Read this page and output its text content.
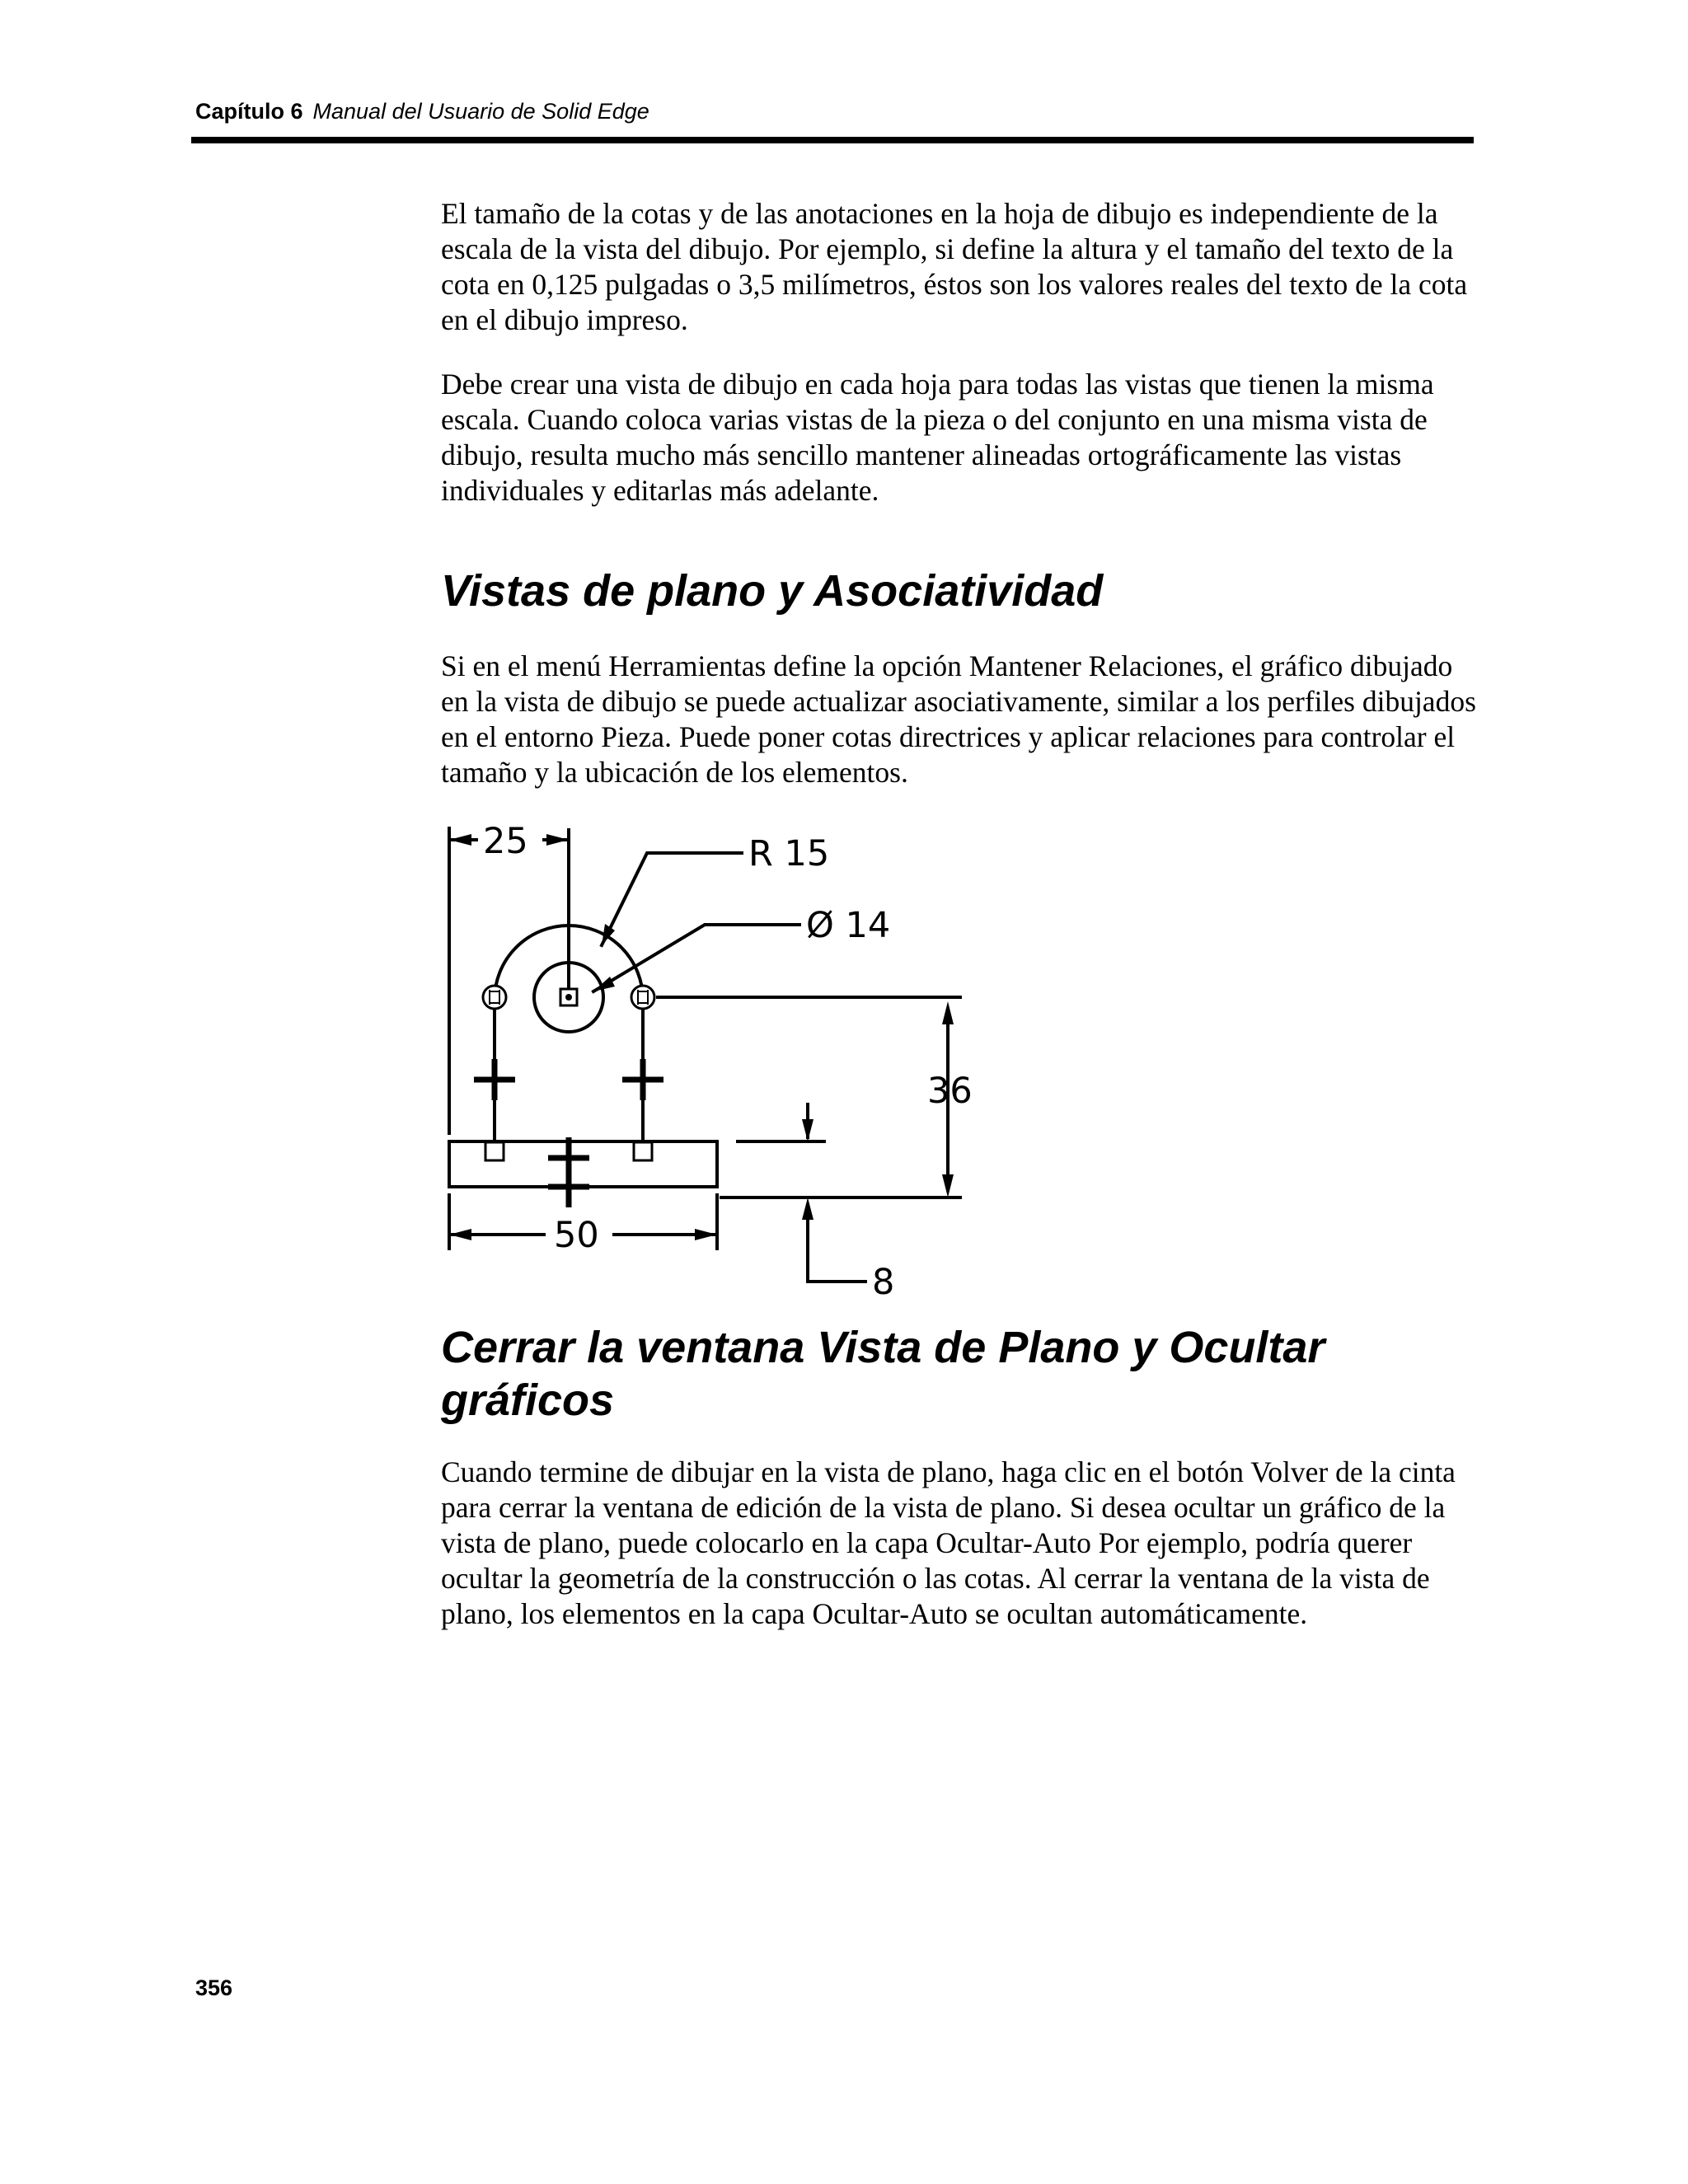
Capítulo 6 Manual del Usuario de Solid Edge

El tamaño de la cotas y de las anotaciones en la hoja de dibujo es independiente de la escala de la vista del dibujo. Por ejemplo, si define la altura y el tamaño del texto de la cota en 0,125 pulgadas o 3,5 milímetros, éstos son los valores reales del texto de la cota en el dibujo impreso.

Debe crear una vista de dibujo en cada hoja para todas las vistas que tienen la misma escala. Cuando coloca varias vistas de la pieza o del conjunto en una misma vista de dibujo, resulta mucho más sencillo mantener alineadas ortográficamente las vistas individuales y editarlas más adelante.

Vistas de plano y Asociatividad

Si en el menú Herramientas define la opción Mantener Relaciones, el gráfico dibujado en la vista de dibujo se puede actualizar asociativamente, similar a los perfiles dibujados en el entorno Pieza. Puede poner cotas directrices y aplicar relaciones para controlar el tamaño y la ubicación de los elementos.

25	R 15
Ø 14
36
50
8
Cerrar la ventana Vista de Plano y Ocultar gráficos

Cuando termine de dibujar en la vista de plano, haga clic en el botón Volver de la cinta para cerrar la ventana de edición de la vista de plano. Si desea ocultar un gráfico de la vista de plano, puede colocarlo en la capa Ocultar-Auto Por ejemplo, podría querer ocultar la geometría de la construcción o las cotas. Al cerrar la ventana de la vista de plano, los elementos en la capa Ocultar-Auto se ocultan automáticamente.

356
